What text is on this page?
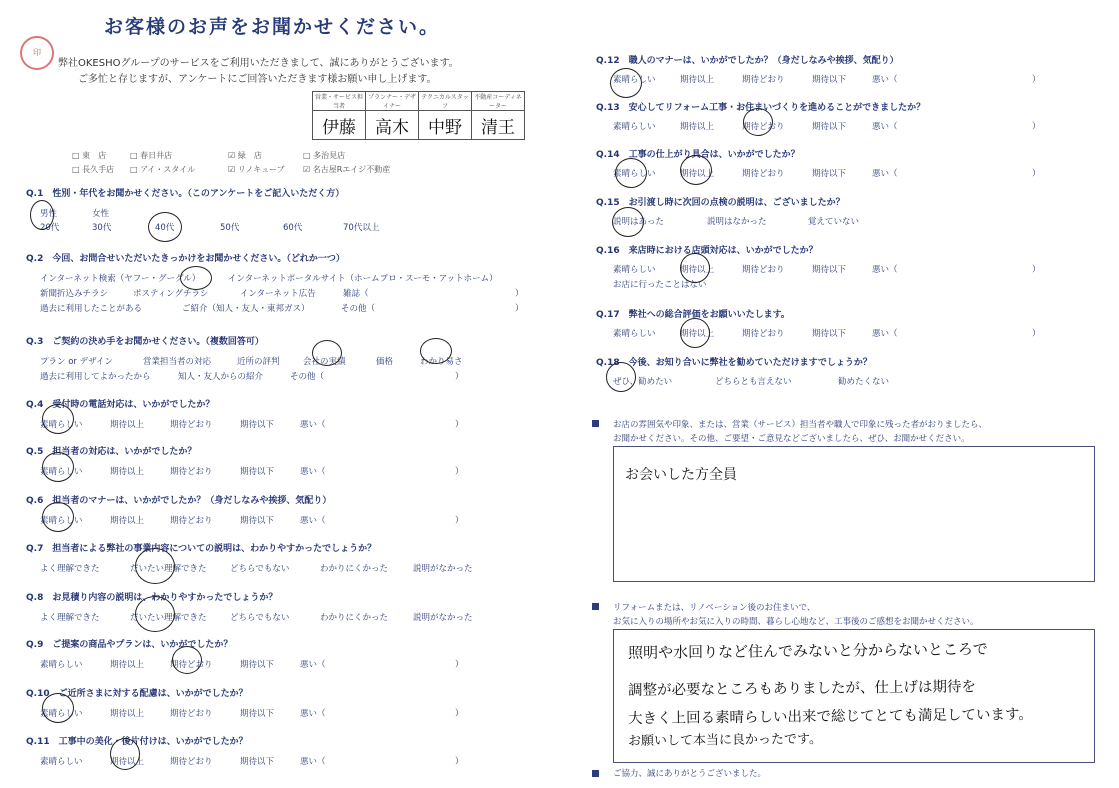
お客様のお声をお聞かせください。
印
弊社OKESHOグループのサービスをご利用いただきまして、誠にありがとうございます。
ご多忙と存じますが、アンケートにご回答いただきます様お願い申し上げます。
営業・サービス担当者	プランナー・デザイナー	テクニカルスタッフ	不動産コーディネーター
伊藤	高木	中野	清王
□ 東　店	□ 春日井店	☑ 緑　店	□ 多治見店
□ 長久手店 □ アイ・スタイル	☑ リノキューブ ☑ 名古屋Rエイジ不動産
Q.1　性別・年代をお聞かせください。（このアンケートをご記入いただく方）
男性	女性
20代	30代	40代	50代	60代	70代以上
Q.2　今回、お問合せいただいたきっかけをお聞かせください。（どれか一つ）
インターネット検索（ヤフー・グーグル）	インターネットポータルサイト（ホームプロ・スーモ・アットホーム）
新聞折込みチラシ	ポスティングチラシ	インターネット広告	雑誌（	）
過去に利用したことがある	ご紹介（知人・友人・東邦ガス）	その他（	）
Q.3　ご契約の決め手をお聞かせください。（複数回答可）
プラン or デザイン	営業担当者の対応	近所の評判	会社の実績	価格	わかり易さ
過去に利用してよかったから	知人・友人からの紹介	その他（	）
Q.4　受付時の電話対応は、いかがでしたか？
素晴らしい	期待以上	期待どおり	期待以下	悪い（	）
Q.5　担当者の対応は、いかがでしたか？
素晴らしい	期待以上	期待どおり	期待以下	悪い（	）
Q.6　担当者のマナーは、いかがでしたか？（身だしなみや挨拶、気配り）
素晴らしい	期待以上	期待どおり	期待以下	悪い（	）
Q.7　担当者による弊社の事業内容についての説明は、わかりやすかったでしょうか？
よく理解できた	だいたい理解できた	どちらでもない	わかりにくかった	説明がなかった
Q.8　お見積り内容の説明は、わかりやすかったでしょうか？
よく理解できた	だいたい理解できた	どちらでもない	わかりにくかった	説明がなかった
Q.9　ご提案の商品やプランは、いかがでしたか？
素晴らしい	期待以上	期待どおり	期待以下	悪い（	）
Q.10　ご近所さまに対する配慮は、いかがでしたか？
素晴らしい	期待以上	期待どおり	期待以下	悪い（	）
Q.11　工事中の美化・後片付けは、いかがでしたか？
素晴らしい	期待以上	期待どおり	期待以下	悪い（	）
Q.12　職人のマナーは、いかがでしたか？（身だしなみや挨拶、気配り）
素晴らしい	期待以上	期待どおり	期待以下	悪い（	）
Q.13　安心してリフォーム工事・お住まいづくりを進めることができましたか？
素晴らしい	期待以上	期待どおり	期待以下	悪い（	）
Q.14　工事の仕上がり具合は、いかがでしたか？
素晴らしい	期待以上	期待どおり	期待以下	悪い（	）
Q.15　お引渡し時に次回の点検の説明は、ございましたか？
説明はあった	説明はなかった	覚えていない
Q.16　来店時における店頭対応は、いかがでしたか？
素晴らしい	期待以上	期待どおり	期待以下	悪い（	）
お店に行ったことはない
Q.17　弊社への総合評価をお願いいたします。
素晴らしい	期待以上	期待どおり	期待以下	悪い（	）
Q.18　今後、お知り合いに弊社を勧めていただけますでしょうか？
ぜひ、勧めたい	どちらとも言えない	勧めたくない
お店の雰囲気や印象、または、営業（サービス）担当者や職人で印象に残った者がおりましたら、
お聞かせください。その他、ご要望・ご意見などございましたら、ぜひ、お聞かせください。
お会いした方全員
リフォームまたは、リノベーション後のお住まいで、
お気に入りの場所やお気に入りの時間、暮らし心地など、工事後のご感想をお聞かせください。
照明や水回りなど住んでみないと分からないところで
調整が必要なところもありましたが、仕上げは期待を
大きく上回る素晴らしい出来で総じてとても満足しています。
お願いして本当に良かったです。
ご協力、誠にありがとうございました。
